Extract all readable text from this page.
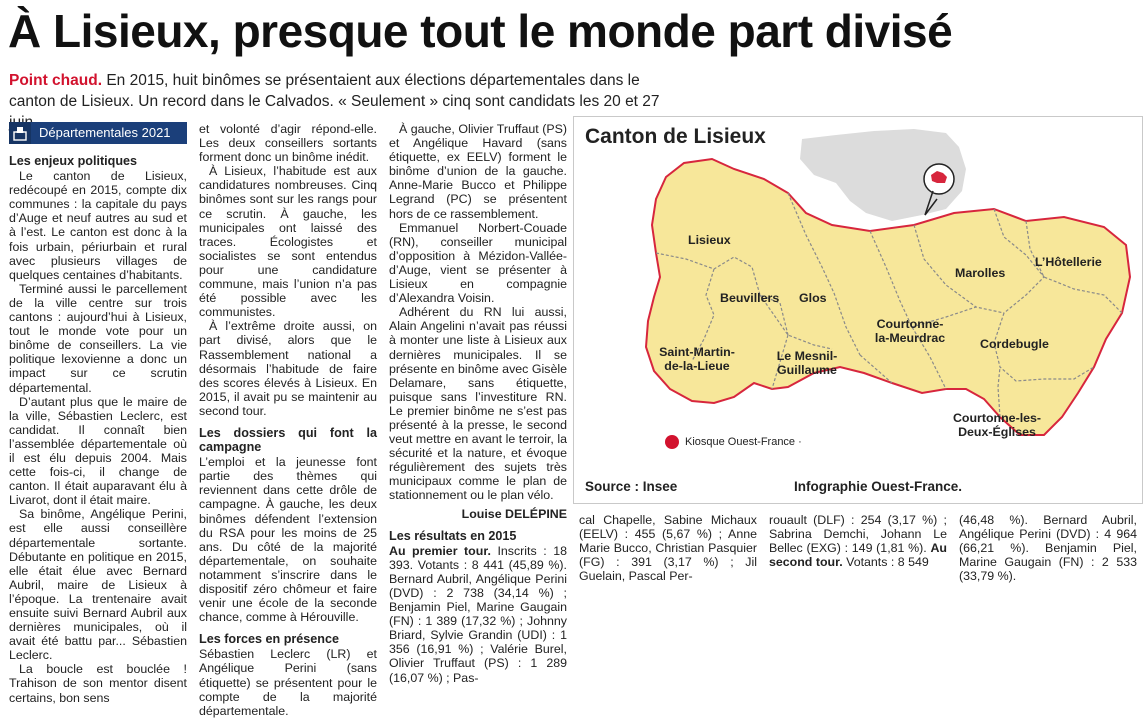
À Lisieux, presque tout le monde part divisé
Point chaud. En 2015, huit binômes se présentaient aux élections départementales dans le canton de Lisieux. Un record dans le Calvados. « Seulement » cinq sont candidats les 20 et 27
Départementales 2021
Les enjeux politiques

Le canton de Lisieux, redécoupé en 2015, compte dix communes : la capitale du pays d’Auge et neuf autres au sud et à l’est. Le canton est donc à la fois urbain, périurbain et rural avec plusieurs villages de quelques centaines d’habitants.

Terminé aussi le parcellement de la ville centre sur trois cantons : aujourd’hui à Lisieux, tout le monde vote pour un binôme de conseillers. La vie politique lexovienne a donc un impact sur ce scrutin départemental.

D’autant plus que le maire de la ville, Sébastien Leclerc, est candidat. Il connaît bien l’assemblée départementale où il est élu depuis 2004. Mais cette fois-ci, il change de canton. Il était auparavant élu à Livarot, dont il était maire.

Sa binôme, Angélique Perini, est elle aussi conseillère départementale sortante. Débutante en politique en 2015, elle était élue avec Bernard Aubril, maire de Lisieux à l’époque. La trentenaire avait ensuite suivi Bernard Aubril aux dernières municipales, où il avait été battu par... Sébastien Leclerc.

La boucle est bouclée ! Trahison de son mentor disent certains, bon sens

et volonté d’agir répond-elle. Les deux conseillers sortants forment donc un binôme inédit.

À Lisieux, l’habitude est aux candidatures nombreuses. Cinq binômes sont sur les rangs pour ce scrutin. À gauche, les municipales ont laissé des traces. Écologistes et socialistes se sont entendus pour une candidature commune, mais l’union n’a pas été possible avec les communistes.

À l’extrême droite aussi, on part divisé, alors que le Rassemblement national a désormais l’habitude de faire des scores élevés à Lisieux. En 2015, il avait pu se maintenir au second tour.

Les dossiers qui font la campagne

L’emploi et la jeunesse font partie des thèmes qui reviennent dans cette drôle de campagne. À gauche, les deux binômes défendent l’extension du RSA pour les moins de 25 ans. Du côté de la majorité départementale, on souhaite notamment s’inscrire dans le dispositif zéro chômeur et faire venir une école de la seconde chance, comme à Hérouville.

Les forces en présence

Sébastien Leclerc (LR) et Angélique Perini (sans étiquette) se présentent pour le compte de la majorité départementale.

À gauche, Olivier Truffaut (PS) et Angélique Havard (sans étiquette, ex EELV) forment le binôme d’union de la gauche. Anne-Marie Bucco et Philippe Legrand (PC) se présentent hors de ce rassemblement.

Emmanuel Norbert-Couade (RN), conseiller municipal d’opposition à Mézidon-Vallée-d’Auge, vient se présenter à Lisieux en compagnie d’Alexandra Voisin.

Adhérent du RN lui aussi, Alain Angelini n’avait pas réussi à monter une liste à Lisieux aux dernières municipales. Il se présente en binôme avec Gisèle Delamare, sans étiquette, puisque sans l’investiture RN. Le premier binôme ne s’est pas présenté à la presse, le second veut mettre en avant le terroir, la sécurité et la nature, et évoque régulièrement des sujets très municipaux comme le plan de stationnement ou le plan vélo.

Louise DELÉPINE
Les résultats en 2015

Au premier tour. Inscrits : 18 393. Votants : 8 441 (45,89 %). Bernard Aubril, Angélique Perini (DVD) : 2 738 (34,14 %) ; Benjamin Piel, Marine Gaugain (FN) : 1 389 (17,32 %) ; Johnny Briard, Sylvie Grandin (UDI) : 1 356 (16,91 %) ; Valérie Burel, Olivier Truffaut (PS) : 1 289 (16,07 %) ; Pas-

Canton de Lisieux
Lisieux
Beuvillers Glos
Saint-Martin-de-la-Lieue
Le Mesnil-Guillaume
Courtonne-la-Meurdrac
Marolles
L’Hôtellerie
Cordebugle
Courtonne-les-Deux-Églises
Kiosque Ouest-France ·
Source : Insee	Infographie Ouest-France.
cal Chapelle, Sabine Michaux (EELV) : 455 (5,67 %) ; Anne Marie Bucco, Christian Pasquier (FG) : 391 (3,17 %) ; Jil Guelain, Pascal Per-
rouault (DLF) : 254 (3,17 %) ; Sabrina Demchi, Johann Le Bellec (EXG) : 149 (1,81 %). Au second tour. Votants : 8 549
(46,48 %). Bernard Aubril, Angélique Perini (DVD) : 4 964 (66,21 %). Benjamin Piel, Marine Gaugain (FN) : 2 533 (33,79 %).
